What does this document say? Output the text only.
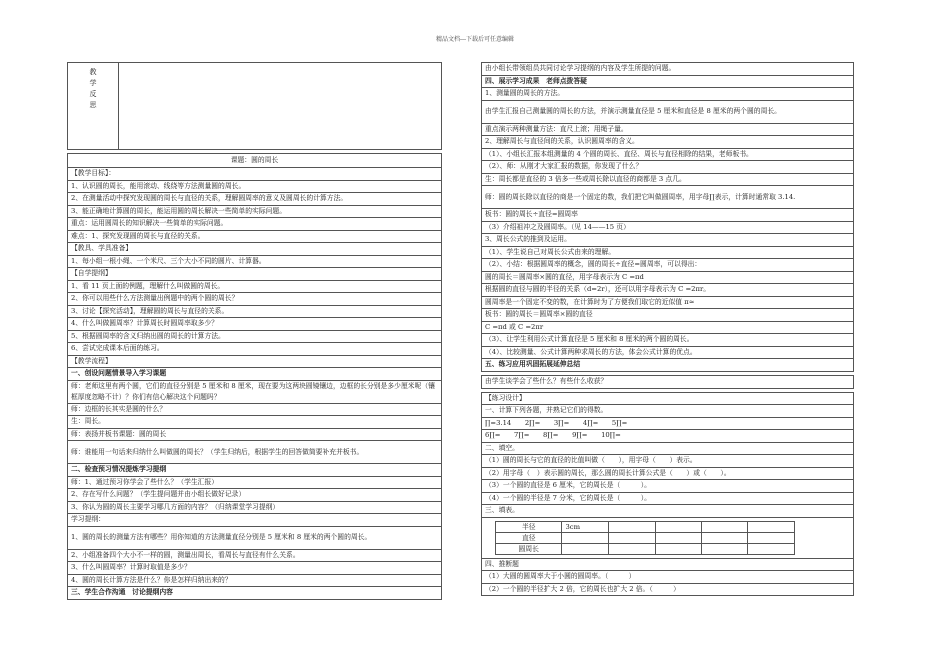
精品文档---下载后可任意编辑
教
学
反
思

课题：圆的周长
【教学目标】：
1、认识圆的周长，能用滚动、线绕等方法测量圆的周长。
2、在测量活动中探究发现圆的周长与直径的关系，理解圆周率的意义及圆周长的计算方法。
3、能正确地计算圆的周长，能运用圆的周长解决一些简单的实际问题。
重点：运用圆周长的知识解决一些简单的实际问题。
难点：1、探究发现圆的周长与直径的关系。
【教具、学具准备】
1、每小组一根小绳、一个米尺、三个大小不同的圆片、计算器。
【自学提纲】
1、看 11 页上面的例题，理解什么叫做圆的周长。
2、你可以用些什么方法测量出例题中的两个圆的周长？
3、讨论【探究活动】，理解圆的周长与直径的关系。
4、什么叫做圆周率？计算周长时圆周率取多少？
5、根据圆周率的含义归纳出圆的周长的计算方法。
6、尝试完成课本后面的练习。
【教学流程】
一、创设问题情景导入学习课题
师：老师这里有两个圆，它们的直径分别是 5 厘米和 8 厘米，现在要为这两块圆镜镶边，边框的长分别是多少厘米呢（镶框厚度忽略不计）？你们有信心解决这个问题吗？
师：边框的长其实是圆的什么？
生：周长。
师：表扬并板书课题：圆的周长
师：谁能用一句话来归纳什么叫做圆的周长？（学生归纳后，根据学生的回答做简要补充并板书。
二、检查预习情况提炼学习提纲
师：1、通过预习你学会了些什么？（学生汇报）
2、存在写什么问题？（学生提问题并由小组长做好记录）
3、你认为圆的周长主要学习哪几方面的内容？（归纳课堂学习提纲）
学习提纲：
1、圆的周长的测量方法有哪些？用你知道的方法测量直径分别是 5 厘米和 8 厘米的两个圆的周长。
2、小组准备四个大小不一样的圆，测量出周长，看周长与直径有什么关系。
3、什么叫圆周率？计算时取值是多少？
4、圆的周长计算方法是什么？你是怎样归纳出来的？
三、学生合作沟通　讨论提纲内容
由小组长带领组员共同讨论学习提纲的内容及学生所提的问题。
四、展示学习成果　老师点拨答疑
1、测量圆的周长的方法。
由学生汇报自己测量圆的周长的方法，并演示测量直径是 5 厘米和直径是 8 厘米的两个圆的周长。
重点演示两种测量方法：直尺上滚；用绳子量。
2、理解周长与直径间的关系，认识圆周率的含义。
（1）、小组长汇报本组测量的 4 个圆的周长、直径、周长与直径相除的结果，老师板书。
（2）、师：从刚才大家汇报的数据，你发现了什么？
生：周长都是直径的 3 倍多一些或周长除以直径的商都是 3 点几。
师：圆的周长除以直径的商是一个固定的数，我们把它叫做圆周率，用字母∏表示，计算时通常取 3.14.
板书：圆的周长÷直径=圆周率
（3）介绍祖冲之及圆周率。（见 14——15 页）
3、周长公式的推到及运用。
（1）、学生说自己对周长公式由来的理解。
（2）、小结：根据圆周率的概念，圆的周长÷直径=圆周率，可以得出：
圆的周长＝圆周率×圆的直径，用字母表示为 C =πd
根据圆的直径与圆的半径的关系（d=2r），还可以用字母表示为 C =2πr。
圆周率是一个固定不变的数，在计算时为了方便我们取它的近似值 π≈
板书：圆的周长＝圆周率×圆的直径
C =πd 或 C =2πr
（3）、让学生利用公式计算直径是 5 厘米和 8 厘米的两个圆的周长。
（4）、比较测量、公式计算两种求周长的方法，体会公式计算的优点。
五、练习应用巩固拓展延伸总结
由学生谈学会了些什么？有些什么收获？
【练习设计】
一、计算下列各题，并熟记它们的得数。
∏=3.14　　2∏=　　3∏=　　4∏=　　5∏=
6∏=　　7∏=　　8∏=　　9∏=　　10∏=
二、填空。
（1）圆的周长与它的直径的比值叫做（　　），用字母（　　）表示。
（2）用字母（　）表示圆的周长，那么圆的周长计算公式是（　　）或（　　）。
（3）一个圆的直径是 6 厘米，它的周长是（　　　）。
（4）一个圆的半径是 7 分米，它的周长是（　　　）。
三、填表。

半径	3cm				
直径					
圆周长					

四、推断题
（1）大圆的圆周率大于小圆的圆周率。（　　　）
（2）一个圆的半径扩大 2 倍，它的周长也扩大 2 倍。（　　　）
